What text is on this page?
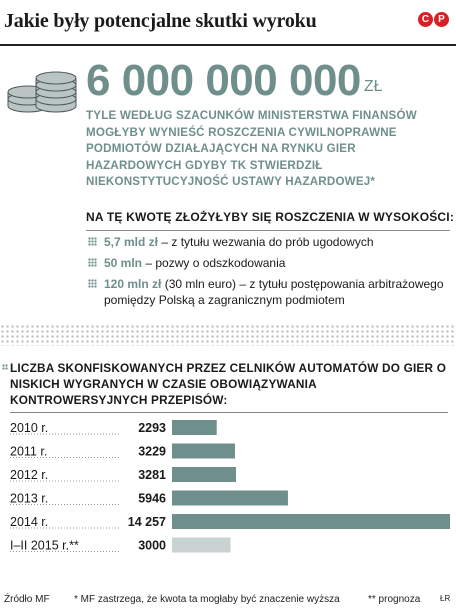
Jakie były potencjalne skutki wyroku	C P
6 000 000 000 ZŁ
TYLE WEDŁUG SZACUNKÓW MINISTERSTWA FINANSÓW MOGŁYBY WYNIEŚĆ ROSZCZENIA CYWILNOPRAWNE PODMIOTÓW DZIAŁAJĄCYCH NA RYNKU GIER HAZARDOWYCH GDYBY TK STWIERDZIŁ NIEKONSTYTUCYJNOŚĆ USTAWY HAZARDOWEJ*
NA TĘ KWOTĘ ZŁOŻYŁYBY SIĘ ROSZCZENIA W WYSOKOŚCI:
5,7 mld zł – z tytułu wezwania do prób ugodowych
50 mln – pozwy o odszkodowania
120 mln zł (30 mln euro) – z tytułu postępowania arbitrażowego pomiędzy Polską a zagranicznym podmiotem
LICZBA SKONFISKOWANYCH PRZEZ CELNIKÓW AUTOMATÓW DO GIER O NISKICH WYGRANYCH W CZASIE OBOWIĄZYWANIA KONTROWERSYJNYCH PRZEPISÓW:
2010 r.	2293
2011 r.	3229
2012 r.	3281
2013 r.	5946
2014 r.	14 257
I–II 2015 r.**	3000
Źródło MF * MF zastrzega, że kwota ta mogłaby być znaczenie wyższa	** prognoza ŁR
